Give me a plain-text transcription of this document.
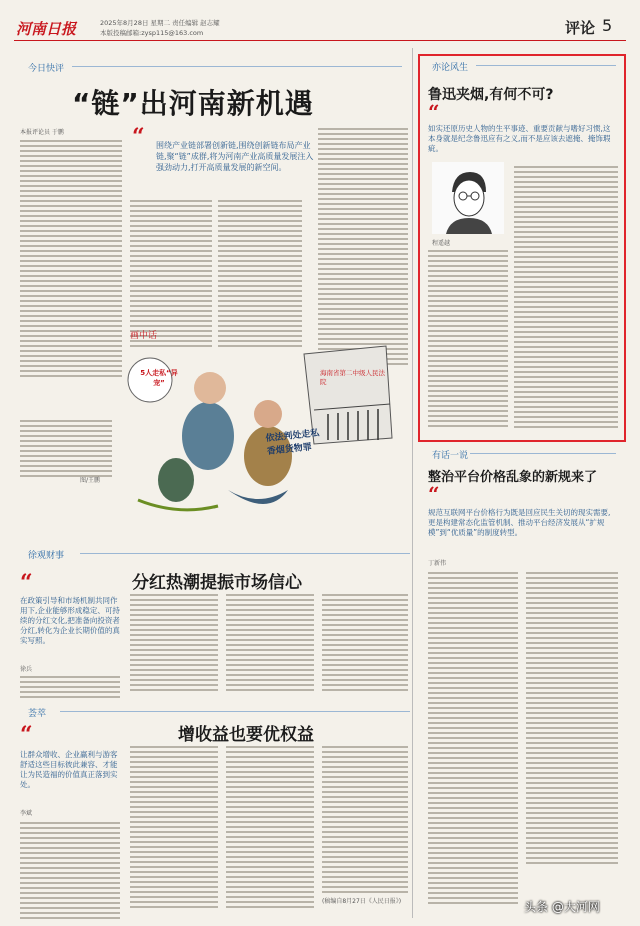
河南日报	2025年8月28日 星期二 责任编辑 赵志耀
本版投稿邮箱:zysp115@163.com	评论 5
今日快评
“链”出河南新机遇
本报评论员 于鹏	“ 围绕产业链部署创新链,围绕创新链布局产业链,聚“链”成群,将为河南产业高质量发展注入强劲动力,打开高质量发展的新空间。
画中话
图/王鹏
5人走私“异宠”
海南省第二中级人民法院
依法判处走私香烟货物罪
徐观财事
分红热潮提振市场信心
“
在政策引导和市场机制共同作用下,企业能够形成稳定、可持续的分红文化,把准备向投资者分红,转化为企业长期价值的真实写照。
徐兵
荟萃
增收益也要优权益
“
让群众增收、企业赢利与游客舒适这些目标彼此兼容、才能让为民造福的价值真正落到实处。
李斌
(稿编自8月27日《人民日报》)
亦论风生
鲁迅夹烟,有何不可?
“
如实还原历史人物的生平事迹、重要贡献与嗜好习惯,这本身就是纪念鲁迅应有之义,而不是应该去遮掩、掩饰瑕疵。
程遥越
有话一说
整治平台价格乱象的新规来了
“
规范互联网平台价格行为既是回应民生关切的现实需要,更是构建常态化监管机制、推动平台经济发展从“扩规模”到“优质量”的制度转型。
丁新伟
头条 @大河网
